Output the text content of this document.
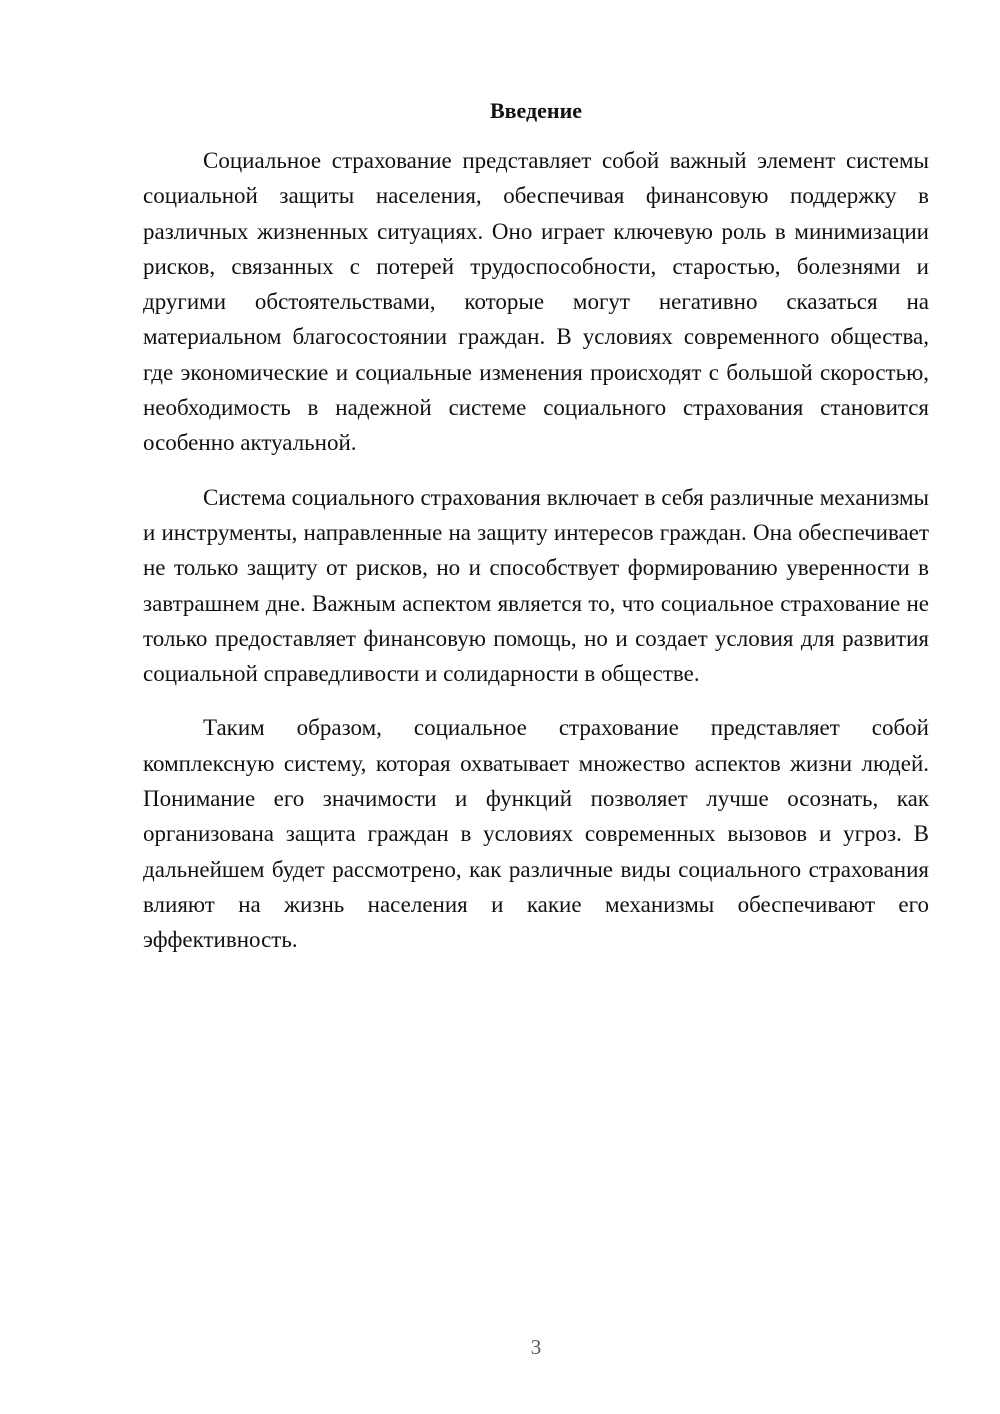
Введение

Социальное страхование представляет собой важный элемент системы социальной защиты населения, обеспечивая финансовую поддержку в различных жизненных ситуациях. Оно играет ключевую роль в минимизации рисков, связанных с потерей трудоспособности, старостью, болезнями и другими обстоятельствами, которые могут негативно сказаться на материальном благосостоянии граждан. В условиях современного общества, где экономические и социальные изменения происходят с большой скоростью, необходимость в надежной системе социального страхования становится особенно актуальной.

Система социального страхования включает в себя различные механизмы и инструменты, направленные на защиту интересов граждан. Она обеспечивает не только защиту от рисков, но и способствует формированию уверенности в завтрашнем дне. Важным аспектом является то, что социальное страхование не только предоставляет финансовую помощь, но и создает условия для развития социальной справедливости и солидарности в обществе.

Таким образом, социальное страхование представляет собой комплексную систему, которая охватывает множество аспектов жизни людей. Понимание его значимости и функций позволяет лучше осознать, как организована защита граждан в условиях современных вызовов и угроз. В дальнейшем будет рассмотрено, как различные виды социального страхования влияют на жизнь населения и какие механизмы обеспечивают его эффективность.

3
